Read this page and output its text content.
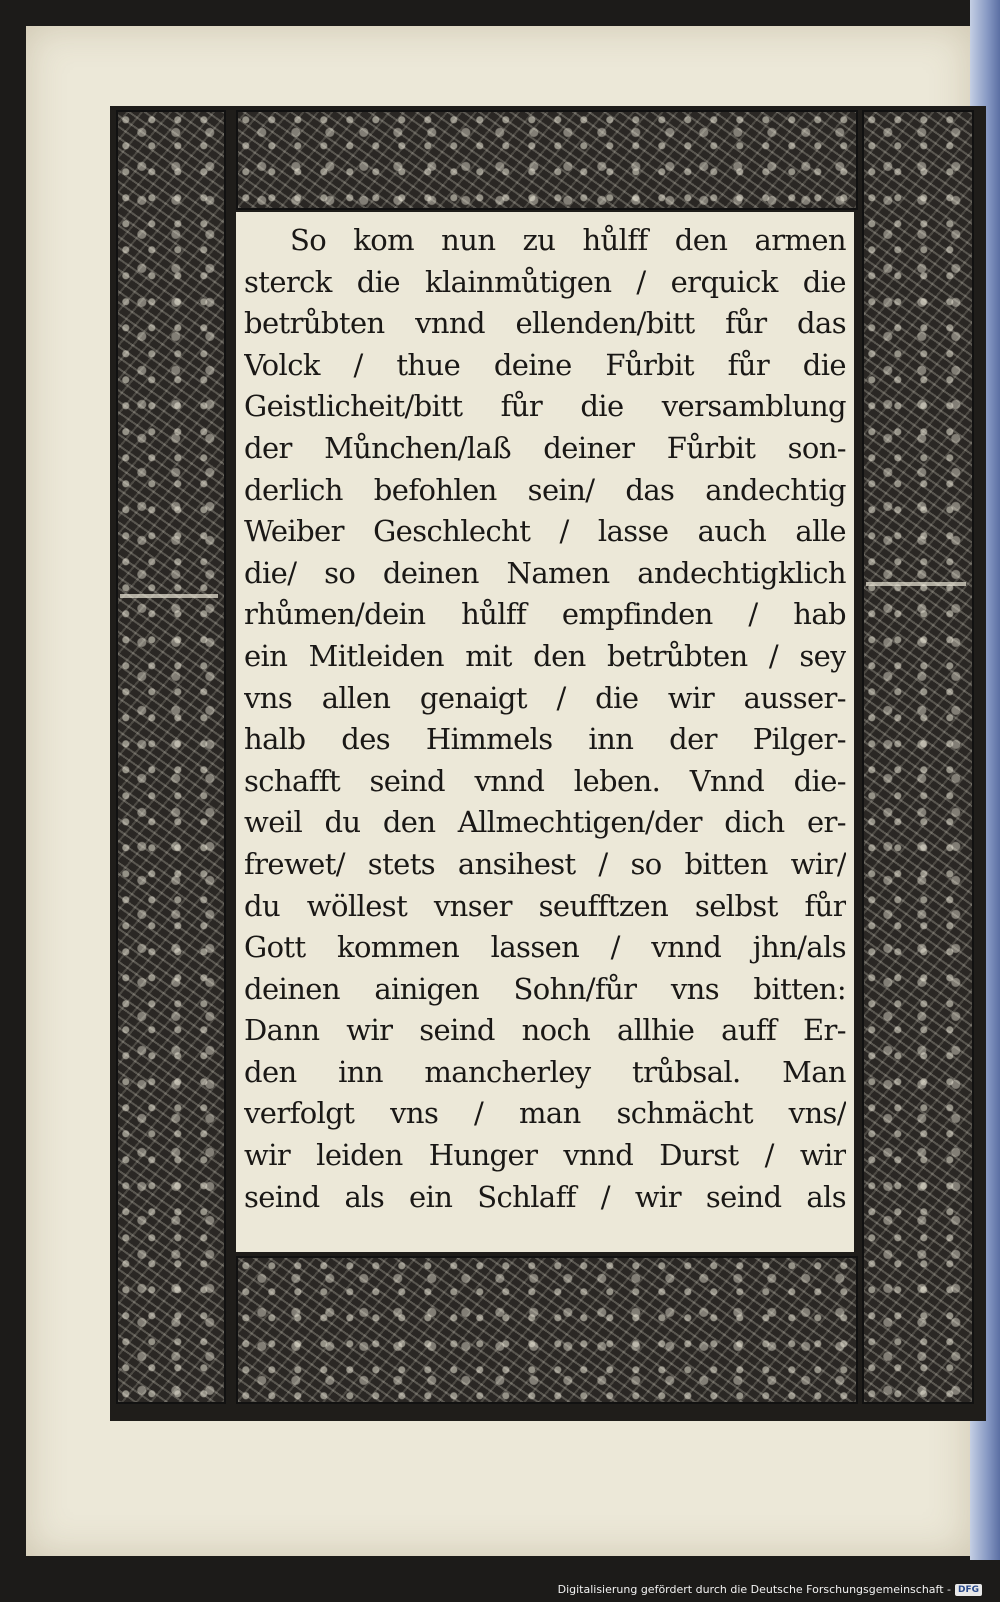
So kom nun zu hůlff den armen
sterck die klainmůtigen / erquick die
betrůbten vnnd ellenden/bitt fůr das
Volck / thue deine Fůrbit fůr die
Geistlicheit/bitt fůr die versamblung
der Můnchen/laß deiner Fůrbit son-
derlich befohlen sein/ das andechtig
Weiber Geschlecht / lasse auch alle
die/ so deinen Namen andechtigklich
rhůmen/dein hůlff empfinden / hab
ein Mitleiden mit den betrůbten / sey
vns allen genaigt / die wir ausser-
halb des Himmels inn der Pilger-
schafft seind vnnd leben. Vnnd die-
weil du den Allmechtigen/der dich er-
frewet/ stets ansihest / so bitten wir/
du wöllest vnser seufftzen selbst fůr
Gott kommen lassen / vnnd jhn/als
deinen ainigen Sohn/fůr vns bitten:
Dann wir seind noch allhie auff Er-
den inn mancherley trůbsal. Man
verfolgt vns / man schmächt vns/
wir leiden Hunger vnnd Durst / wir
seind als ein Schlaff / wir seind als
Digitalisierung gefördert durch die Deutsche Forschungsgemeinschaft - DFG
